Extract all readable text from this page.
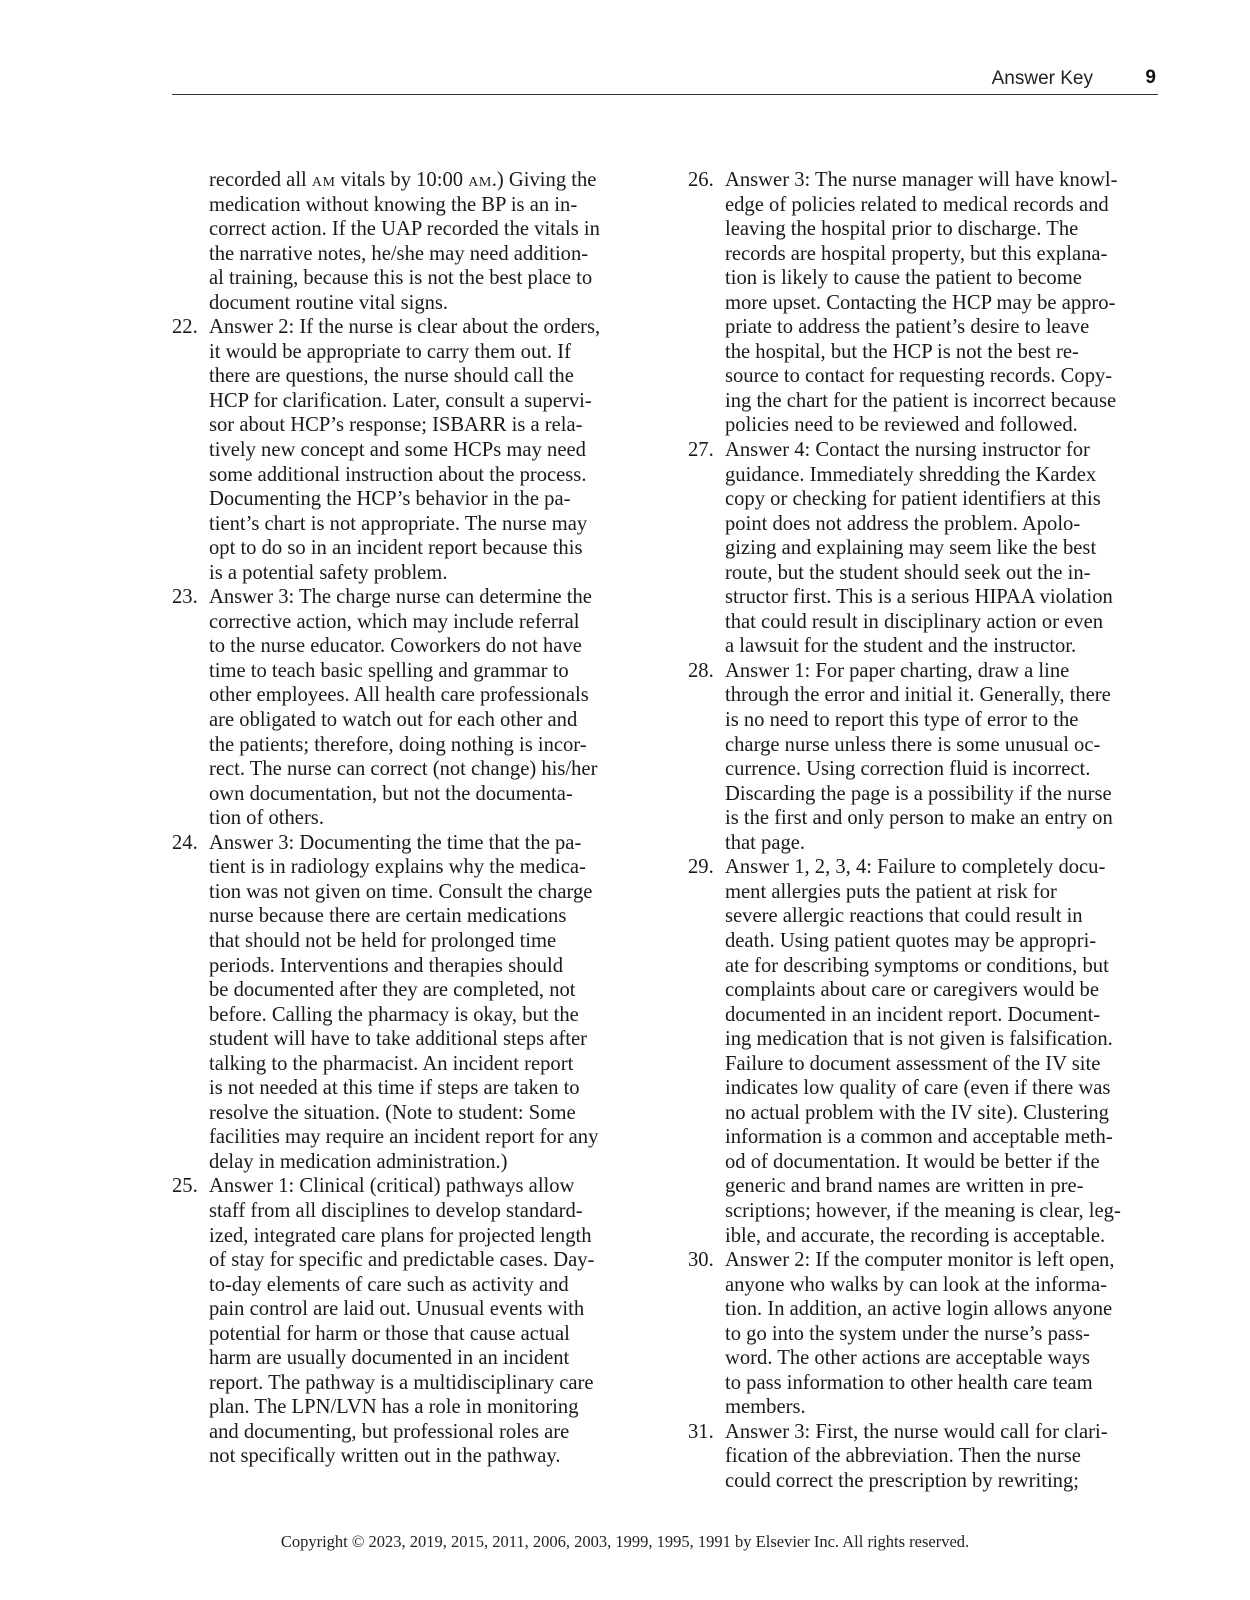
Answer Key	9
recorded all am vitals by 10:00 am.) Giving the
medication without knowing the BP is an in-
correct action. If the UAP recorded the vitals in
the narrative notes, he/she may need addition-
al training, because this is not the best place to
document routine vital signs.
22. Answer 2: If the nurse is clear about the orders,
it would be appropriate to carry them out. If
there are questions, the nurse should call the
HCP for clarification. Later, consult a supervi-
sor about HCP’s response; ISBARR is a rela-
tively new concept and some HCPs may need
some additional instruction about the process.
Documenting the HCP’s behavior in the pa-
tient’s chart is not appropriate. The nurse may
opt to do so in an incident report because this
is a potential safety problem.
23. Answer 3: The charge nurse can determine the
corrective action, which may include referral
to the nurse educator. Coworkers do not have
time to teach basic spelling and grammar to
other employees. All health care professionals
are obligated to watch out for each other and
the patients; therefore, doing nothing is incor-
rect. The nurse can correct (not change) his/her
own documentation, but not the documenta-
tion of others.
24. Answer 3: Documenting the time that the pa-
tient is in radiology explains why the medica-
tion was not given on time. Consult the charge
nurse because there are certain medications
that should not be held for prolonged time
periods. Interventions and therapies should
be documented after they are completed, not
before. Calling the pharmacy is okay, but the
student will have to take additional steps after
talking to the pharmacist. An incident report
is not needed at this time if steps are taken to
resolve the situation. (Note to student: Some
facilities may require an incident report for any
delay in medication administration.)
25. Answer 1: Clinical (critical) pathways allow
staff from all disciplines to develop standard-
ized, integrated care plans for projected length
of stay for specific and predictable cases. Day-
to-day elements of care such as activity and
pain control are laid out. Unusual events with
potential for harm or those that cause actual
harm are usually documented in an incident
report. The pathway is a multidisciplinary care
plan. The LPN/LVN has a role in monitoring
and documenting, but professional roles are
not specifically written out in the pathway.
26. Answer 3: The nurse manager will have knowl-
edge of policies related to medical records and
leaving the hospital prior to discharge. The
records are hospital property, but this explana-
tion is likely to cause the patient to become
more upset. Contacting the HCP may be appro-
priate to address the patient’s desire to leave
the hospital, but the HCP is not the best re-
source to contact for requesting records. Copy-
ing the chart for the patient is incorrect because
policies need to be reviewed and followed.
27. Answer 4: Contact the nursing instructor for
guidance. Immediately shredding the Kardex
copy or checking for patient identifiers at this
point does not address the problem. Apolo-
gizing and explaining may seem like the best
route, but the student should seek out the in-
structor first. This is a serious HIPAA violation
that could result in disciplinary action or even
a lawsuit for the student and the instructor.
28. Answer 1: For paper charting, draw a line
through the error and initial it. Generally, there
is no need to report this type of error to the
charge nurse unless there is some unusual oc-
currence. Using correction fluid is incorrect.
Discarding the page is a possibility if the nurse
is the first and only person to make an entry on
that page.
29. Answer 1, 2, 3, 4: Failure to completely docu-
ment allergies puts the patient at risk for
severe allergic reactions that could result in
death. Using patient quotes may be appropri-
ate for describing symptoms or conditions, but
complaints about care or caregivers would be
documented in an incident report. Document-
ing medication that is not given is falsification.
Failure to document assessment of the IV site
indicates low quality of care (even if there was
no actual problem with the IV site). Clustering
information is a common and acceptable meth-
od of documentation. It would be better if the
generic and brand names are written in pre-
scriptions; however, if the meaning is clear, leg-
ible, and accurate, the recording is acceptable.
30. Answer 2: If the computer monitor is left open,
anyone who walks by can look at the informa-
tion. In addition, an active login allows anyone
to go into the system under the nurse’s pass-
word. The other actions are acceptable ways
to pass information to other health care team
members.
31. Answer 3: First, the nurse would call for clari-
fication of the abbreviation. Then the nurse
could correct the prescription by rewriting;
Copyright © 2023, 2019, 2015, 2011, 2006, 2003, 1999, 1995, 1991 by Elsevier Inc. All rights reserved.
